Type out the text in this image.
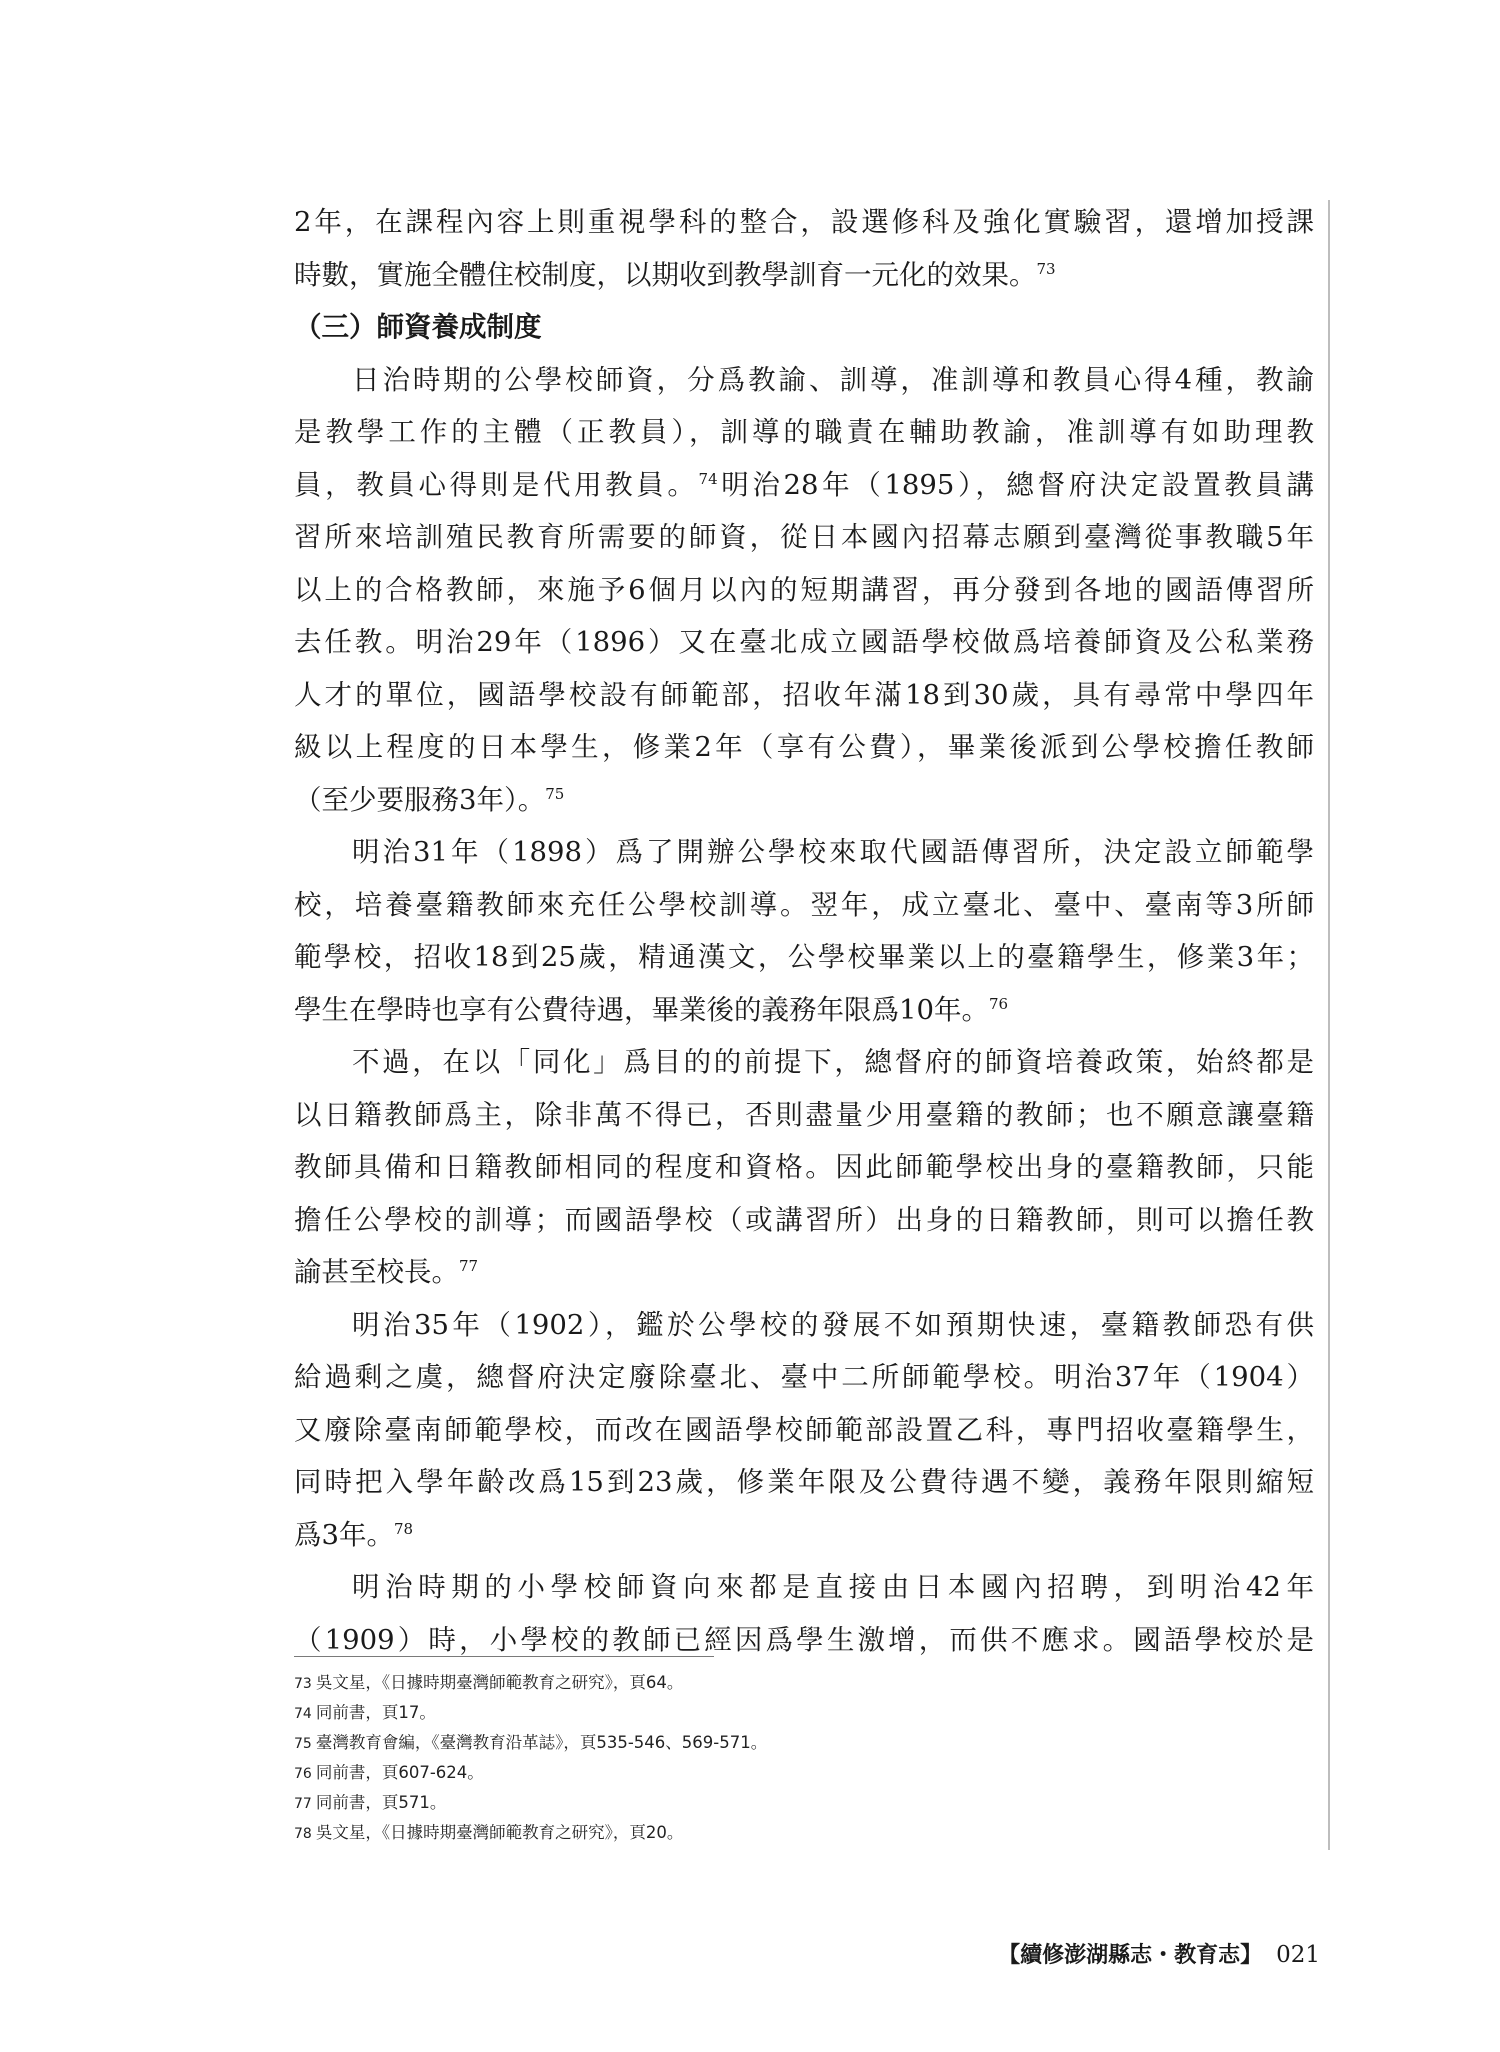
2年，在課程內容上則重視學科的整合，設選修科及強化實驗習，還增加授課
時數，實施全體住校制度，以期收到教學訓育一元化的效果。$^{73}$
（三）師資養成制度
日治時期的公學校師資，分爲教諭、訓導，准訓導和教員心得4種，教諭
是教學工作的主體（正教員），訓導的職責在輔助教諭，准訓導有如助理教
員，教員心得則是代用教員。$^{74}$明治28年（1895），總督府決定設置教員講
習所來培訓殖民教育所需要的師資，從日本國內招幕志願到臺灣從事教職5年
以上的合格教師，來施予6個月以內的短期講習，再分發到各地的國語傳習所
去任教。明治29年（1896）又在臺北成立國語學校做爲培養師資及公私業務
人才的單位，國語學校設有師範部，招收年滿18到30歲，具有尋常中學四年
級以上程度的日本學生，修業2年（享有公費），畢業後派到公學校擔任教師
（至少要服務3年）。$^{75}$
明治31年（1898）爲了開辦公學校來取代國語傳習所，決定設立師範學
校，培養臺籍教師來充任公學校訓導。翌年，成立臺北、臺中、臺南等3所師
範學校，招收18到25歲，精通漢文，公學校畢業以上的臺籍學生，修業3年；
學生在學時也享有公費待遇，畢業後的義務年限爲10年。$^{76}$
不過，在以「同化」爲目的的前提下，總督府的師資培養政策，始終都是
以日籍教師爲主，除非萬不得已，否則盡量少用臺籍的教師；也不願意讓臺籍
教師具備和日籍教師相同的程度和資格。因此師範學校出身的臺籍教師，只能
擔任公學校的訓導；而國語學校（或講習所）出身的日籍教師，則可以擔任教
諭甚至校長。$^{77}$
明治35年（1902），鑑於公學校的發展不如預期快速，臺籍教師恐有供
給過剩之虞，總督府決定廢除臺北、臺中二所師範學校。明治37年（1904）
又廢除臺南師範學校，而改在國語學校師範部設置乙科，專門招收臺籍學生，
同時把入學年齡改爲15到23歲，修業年限及公費待遇不變，義務年限則縮短
爲3年。$^{78}$
明治時期的小學校師資向來都是直接由日本國內招聘，到明治42年
（1909）時，小學校的教師已經因爲學生激增，而供不應求。國語學校於是
73 吳文星，《日據時期臺灣師範教育之研究》，頁64。
74 同前書，頁17。
75 臺灣教育會編，《臺灣教育沿革誌》，頁535-546、569-571。
76 同前書，頁607-624。
77 同前書，頁571。
78 吳文星，《日據時期臺灣師範教育之研究》，頁20。
【續修澎湖縣志・教育志】 021
